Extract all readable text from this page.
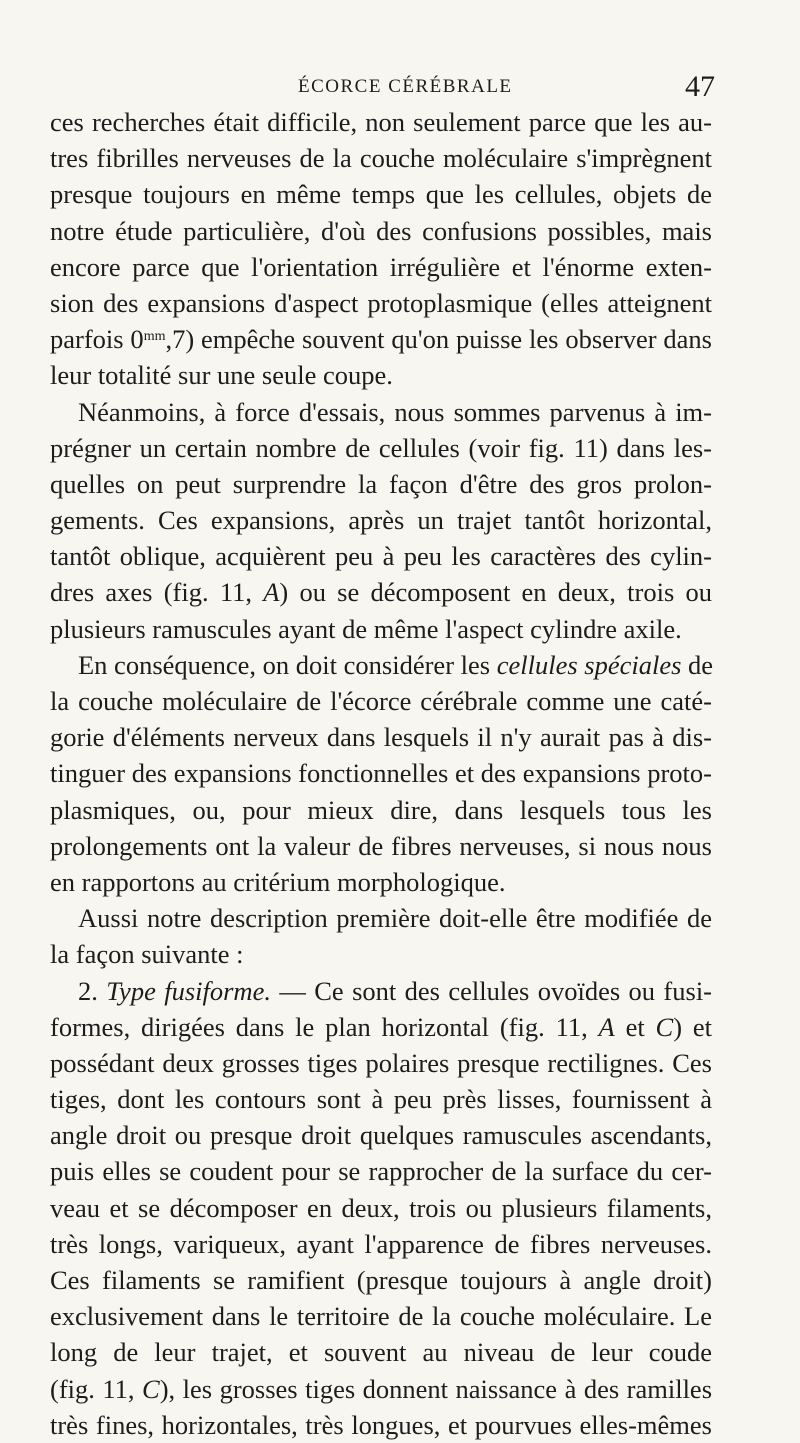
ÉCORCE CÉRÉBRALE	47
ces recherches était difficile, non seulement parce que les au-
tres fibrilles nerveuses de la couche moléculaire s'imprègnent
presque toujours en même temps que les cellules, objets de
notre étude particulière, d'où des confusions possibles, mais
encore parce que l'orientation irrégulière et l'énorme exten-
sion des expansions d'aspect protoplasmique (elles atteignent
parfois $0^{mm},7$) empêche souvent qu'on puisse les observer dans
leur totalité sur une seule coupe.
Néanmoins, à force d'essais, nous sommes parvenus à im-
prégner un certain nombre de cellules (voir fig. 11) dans les-
quelles on peut surprendre la façon d'être des gros prolon-
gements. Ces expansions, après un trajet tantôt horizontal,
tantôt oblique, acquièrent peu à peu les caractères des cylin-
dres axes (fig. 11, A) ou se décomposent en deux, trois ou
plusieurs ramuscules ayant de même l'aspect cylindre axile.
En conséquence, on doit considérer les cellules spéciales de
la couche moléculaire de l'écorce cérébrale comme une caté-
gorie d'éléments nerveux dans lesquels il n'y aurait pas à dis-
tinguer des expansions fonctionnelles et des expansions proto-
plasmiques, ou, pour mieux dire, dans lesquels tous les
prolongements ont la valeur de fibres nerveuses, si nous nous
en rapportons au critérium morphologique.
Aussi notre description première doit-elle être modifiée de
la façon suivante :
2. Type fusiforme. — Ce sont des cellules ovoïdes ou fusi-
formes, dirigées dans le plan horizontal (fig. 11, A et C) et
possédant deux grosses tiges polaires presque rectilignes. Ces
tiges, dont les contours sont à peu près lisses, fournissent à
angle droit ou presque droit quelques ramuscules ascendants,
puis elles se coudent pour se rapprocher de la surface du cer-
veau et se décomposer en deux, trois ou plusieurs filaments,
très longs, variqueux, ayant l'apparence de fibres nerveuses.
Ces filaments se ramifient (presque toujours à angle droit)
exclusivement dans le territoire de la couche moléculaire. Le
long de leur trajet, et souvent au niveau de leur coude
(fig. 11, C), les grosses tiges donnent naissance à des ramilles
très fines, horizontales, très longues, et pourvues elles-mêmes
